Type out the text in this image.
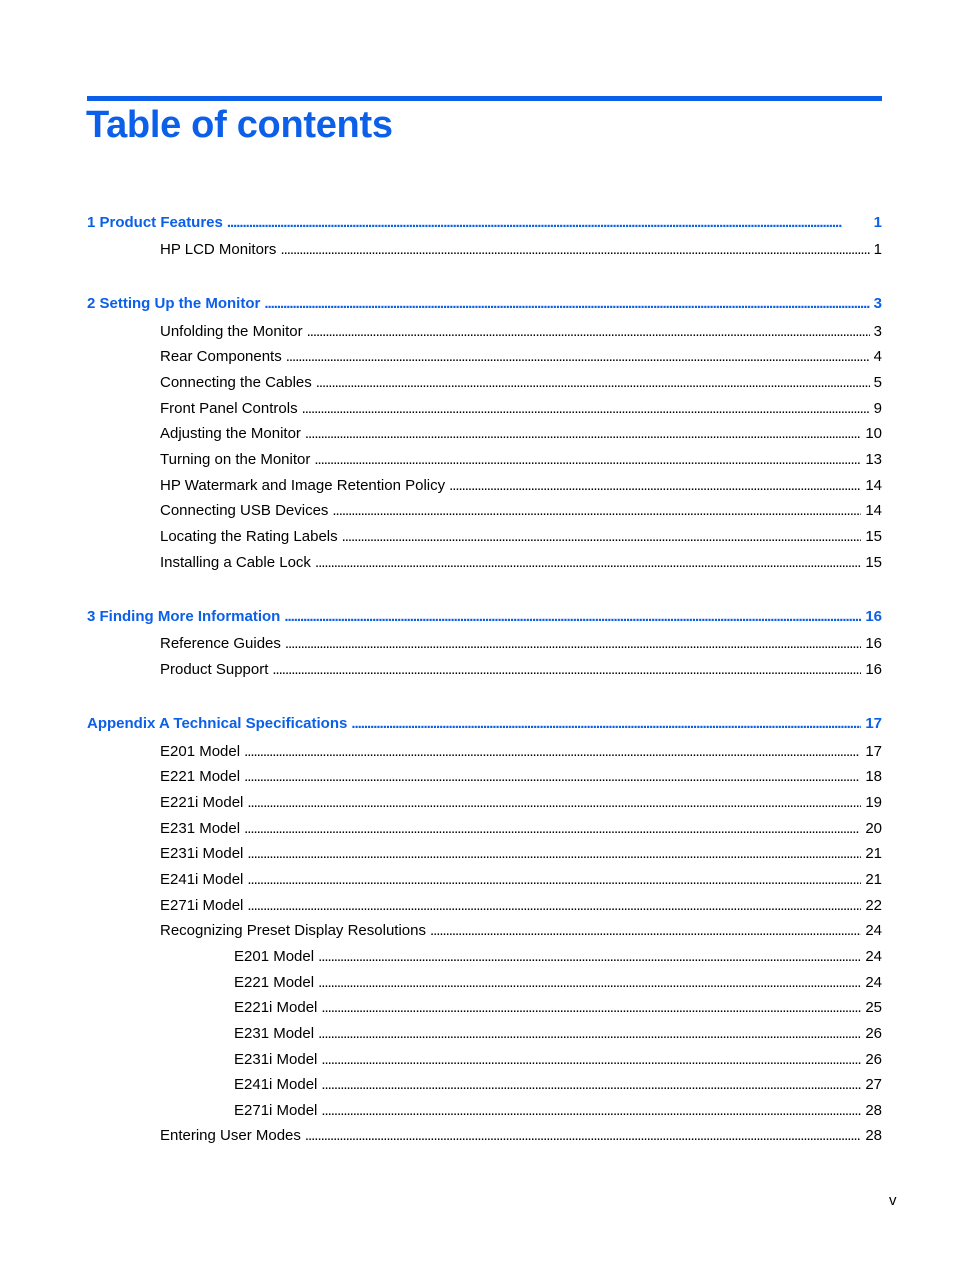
Table of contents
1 Product Features . . .	1
HP LCD Monitors . . .	1
2 Setting Up the Monitor . . .	3
Unfolding the Monitor . . .	3
Rear Components . . .	4
Connecting the Cables . . .	5
Front Panel Controls . . .	9
Adjusting the Monitor . . .	10
Turning on the Monitor . . .	13
HP Watermark and Image Retention Policy . . .	14
Connecting USB Devices . . .	14
Locating the Rating Labels . . .	15
Installing a Cable Lock . . .	15
3 Finding More Information . . .	16
Reference Guides . . .	16
Product Support . . .	16
Appendix A Technical Specifications . . .	17
E201 Model . . .	17
E221 Model . . .	18
E221i Model . . .	19
E231 Model . . .	20
E231i Model . . .	21
E241i Model . . .	21
E271i Model . . .	22
Recognizing Preset Display Resolutions . . .	24
E201 Model . . .	24
E221 Model . . .	24
E221i Model . . .	25
E231 Model . . .	26
E231i Model . . .	26
E241i Model . . .	27
E271i Model . . .	28
Entering User Modes . . .	28
v
